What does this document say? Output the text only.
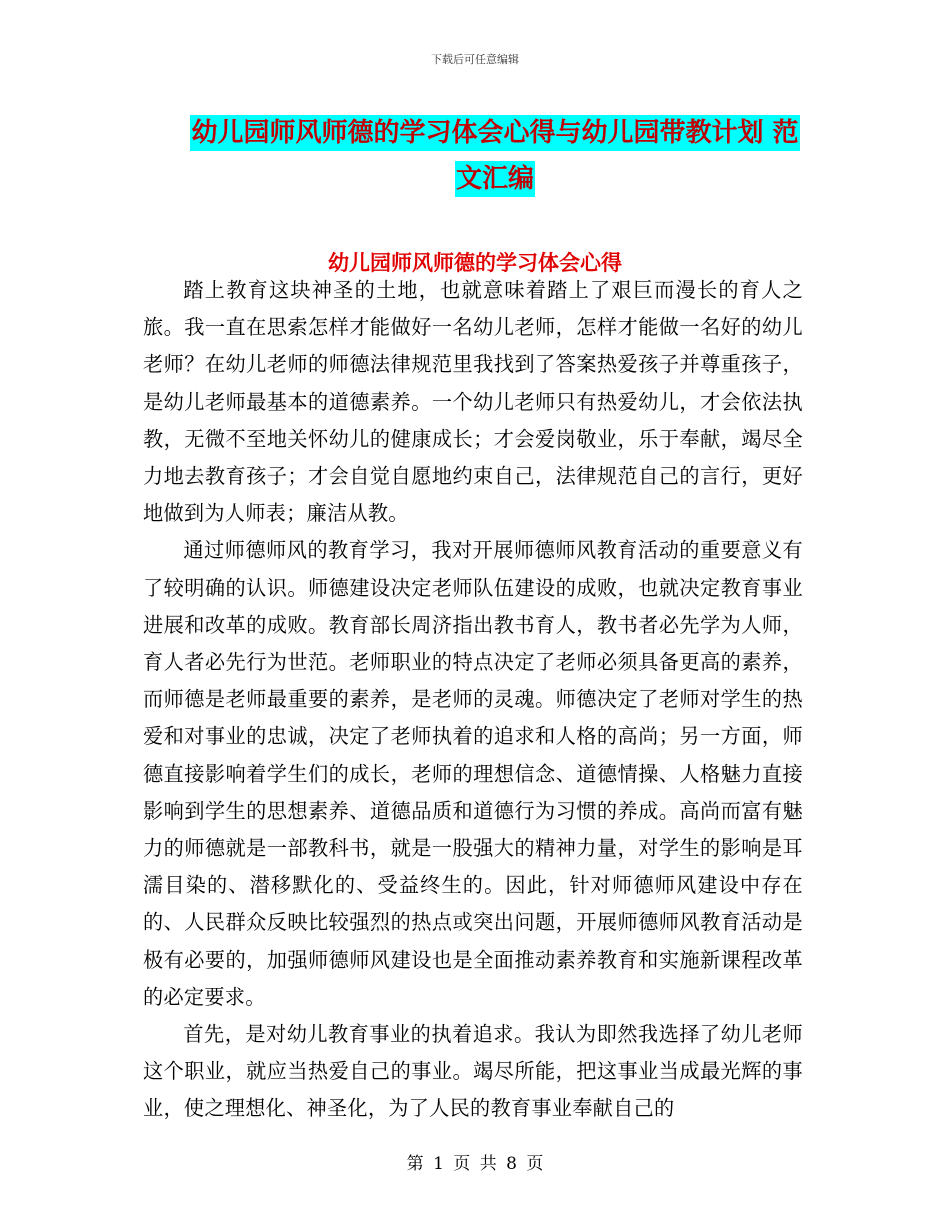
下载后可任意编辑
幼儿园师风师德的学习体会心得与幼儿园带教计划 范
文汇编
幼儿园师风师德的学习体会心得

踏上教育这块神圣的土地，也就意味着踏上了艰巨而漫长的育人之旅。我一直在思索怎样才能做好一名幼儿老师，怎样才能做一名好的幼儿老师？在幼儿老师的师德法律规范里我找到了答案热爱孩子并尊重孩子，是幼儿老师最基本的道德素养。一个幼儿老师只有热爱幼儿，才会依法执教，无微不至地关怀幼儿的健康成长；才会爱岗敬业，乐于奉献，竭尽全力地去教育孩子；才会自觉自愿地约束自己，法律规范自己的言行，更好地做到为人师表；廉洁从教。

通过师德师风的教育学习，我对开展师德师风教育活动的重要意义有了较明确的认识。师德建设决定老师队伍建设的成败，也就决定教育事业进展和改革的成败。教育部长周济指出教书育人，教书者必先学为人师，育人者必先行为世范。老师职业的特点决定了老师必须具备更高的素养，而师德是老师最重要的素养，是老师的灵魂。师德决定了老师对学生的热爱和对事业的忠诚，决定了老师执着的追求和人格的高尚；另一方面，师德直接影响着学生们的成长，老师的理想信念、道德情操、人格魅力直接影响到学生的思想素养、道德品质和道德行为习惯的养成。高尚而富有魅力的师德就是一部教科书，就是一股强大的精神力量，对学生的影响是耳濡目染的、潜移默化的、受益终生的。因此，针对师德师风建设中存在的、人民群众反映比较强烈的热点或突出问题，开展师德师风教育活动是极有必要的，加强师德师风建设也是全面推动素养教育和实施新课程改革的必定要求。

首先，是对幼儿教育事业的执着追求。我认为即然我选择了幼儿老师这个职业，就应当热爱自己的事业。竭尽所能，把这事业当成最光辉的事业，使之理想化、神圣化，为了人民的教育事业奉献自己的

第 1 页 共 8 页
